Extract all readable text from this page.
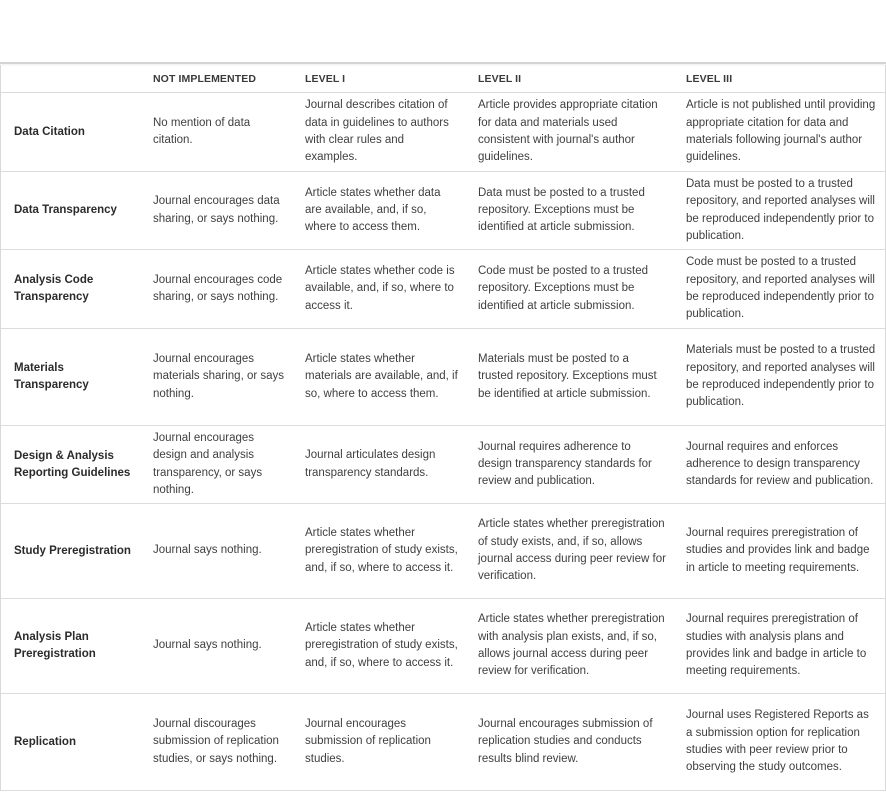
	NOT IMPLEMENTED	LEVEL I	LEVEL II	LEVEL III
Data Citation	No mention of data citation.	Journal describes citation of data in guidelines to authors with clear rules and examples.	Article provides appropriate citation for data and materials used consistent with journal's author guidelines.	Article is not published until providing appropriate citation for data and materials following journal's author guidelines.
Data Transparency	Journal encourages data sharing, or says nothing.	Article states whether data are available, and, if so, where to access them.	Data must be posted to a trusted repository. Exceptions must be identified at article submission.	Data must be posted to a trusted repository, and reported analyses will be reproduced independently prior to publication.
Analysis Code Transparency	Journal encourages code sharing, or says nothing.	Article states whether code is available, and, if so, where to access it.	Code must be posted to a trusted repository. Exceptions must be identified at article submission.	Code must be posted to a trusted repository, and reported analyses will be reproduced independently prior to publication.
Materials Transparency	Journal encourages materials sharing, or says nothing.	Article states whether materials are available, and, if so, where to access them.	Materials must be posted to a trusted repository. Exceptions must be identified at article submission.	Materials must be posted to a trusted repository, and reported analyses will be reproduced independently prior to publication.
Design & Analysis Reporting Guidelines	Journal encourages design and analysis transparency, or says nothing.	Journal articulates design transparency standards.	Journal requires adherence to design transparency standards for review and publication.	Journal requires and enforces adherence to design transparency standards for review and publication.
Study Preregistration	Journal says nothing.	Article states whether preregistration of study exists, and, if so, where to access it.	Article states whether preregistration of study exists, and, if so, allows journal access during peer review for verification.	Journal requires preregistration of studies and provides link and badge in article to meeting requirements.
Analysis Plan Preregistration	Journal says nothing.	Article states whether preregistration of study exists, and, if so, where to access it.	Article states whether preregistration with analysis plan exists, and, if so, allows journal access during peer review for verification.	Journal requires preregistration of studies with analysis plans and provides link and badge in article to meeting requirements.
Replication	Journal discourages submission of replication studies, or says nothing.	Journal encourages submission of replication studies.	Journal encourages submission of replication studies and conducts results blind review.	Journal uses Registered Reports as a submission option for replication studies with peer review prior to observing the study outcomes.
